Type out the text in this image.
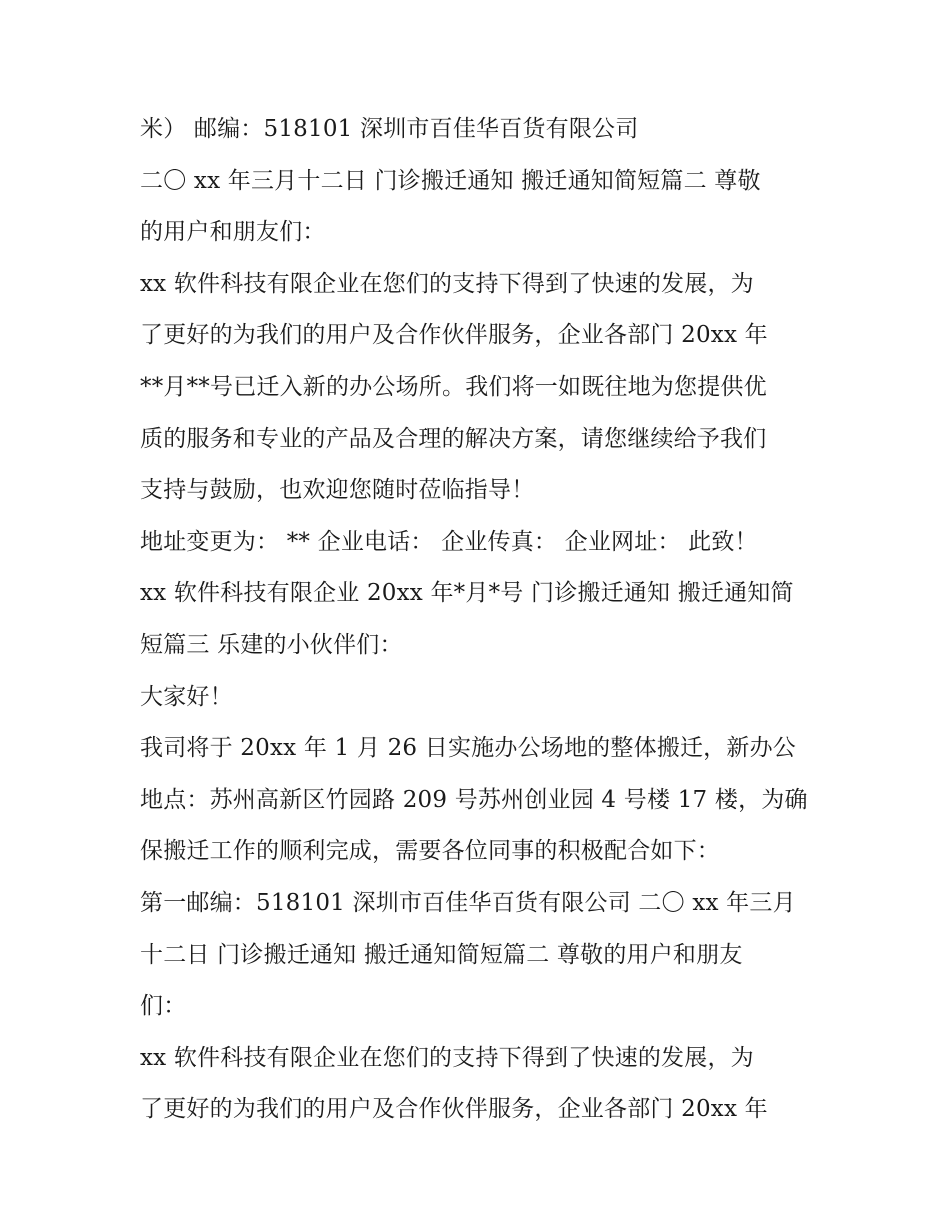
米） 邮编：518101 深圳市百佳华百货有限公司
二〇 xx 年三月十二日 门诊搬迁通知 搬迁通知简短篇二 尊敬
的用户和朋友们：
xx 软件科技有限企业在您们的支持下得到了快速的发展，为
了更好的为我们的用户及合作伙伴服务，企业各部门 20xx 年
**月**号已迁入新的办公场所。我们将一如既往地为您提供优
质的服务和专业的产品及合理的解决方案，请您继续给予我们
支持与鼓励，也欢迎您随时莅临指导！
地址变更为： ** 企业电话： 企业传真： 企业网址： 此致！
xx 软件科技有限企业 20xx 年*月*号 门诊搬迁通知 搬迁通知简
短篇三 乐建的小伙伴们：
大家好！
我司将于 20xx 年 1 月 26 日实施办公场地的整体搬迁，新办公
地点：苏州高新区竹园路 209 号苏州创业园 4 号楼 17 楼，为确
保搬迁工作的顺利完成，需要各位同事的积极配合如下：
第一邮编：518101 深圳市百佳华百货有限公司 二〇 xx 年三月
十二日 门诊搬迁通知 搬迁通知简短篇二 尊敬的用户和朋友
们：
xx 软件科技有限企业在您们的支持下得到了快速的发展，为
了更好的为我们的用户及合作伙伴服务，企业各部门 20xx 年
